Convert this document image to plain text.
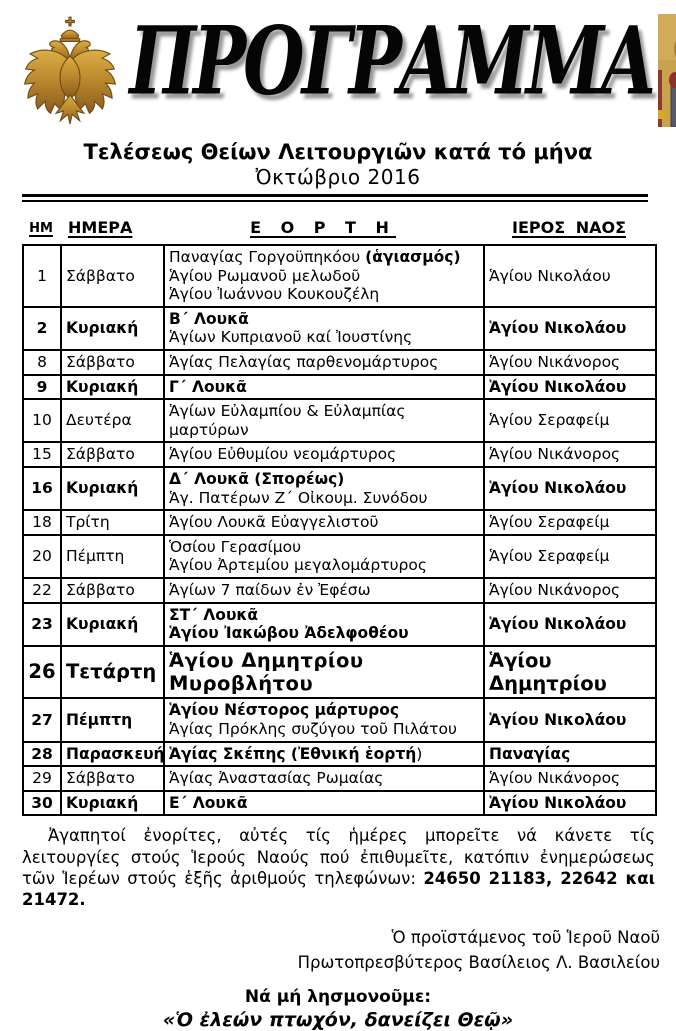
ΠΡΟΓΡΑΜΜΑ
Τελέσεως Θείων Λειτουργιῶν κατά τό μήνα
Ὀκτώβριο 2016
ΗΜ ΗΜΕΡΑ	Ε Ο Ρ Τ Η	ΙΕΡΟΣ ΝΑΟΣ
1	Σάββατο	Παναγίας Γοργοϋπηκόου (ἁγιασμός)
Ἁγίου Ρωμανοῦ μελωδοῦ
Ἁγίου Ἰωάννου Κουκουζέλη	Ἁγίου Νικολάου
2	Κυριακή	Β´ Λουκᾶ
Ἁγίων Κυπριανοῦ καί Ἰουστίνης	Ἁγίου Νικολάου
8	Σάββατο	Ἁγίας Πελαγίας παρθενομάρτυρος	Ἁγίου Νικάνορος
9	Κυριακή	Γ´ Λουκᾶ	Ἁγίου Νικολάου
10	Δευτέρα	Ἁγίων Εὐλαμπίου & Εὐλαμπίας μαρτύρων	Ἁγίου Σεραφείμ
15	Σάββατο	Ἁγίου Εὐθυμίου νεομάρτυρος	Ἁγίου Νικάνορος
16	Κυριακή	Δ´ Λουκᾶ (Σπορέως)
Ἁγ. Πατέρων Ζ´ Οἰκουμ. Συνόδου	Ἁγίου Νικολάου
18	Τρίτη	Ἁγίου Λουκᾶ Εὐαγγελιστοῦ	Ἁγίου Σεραφείμ
20	Πέμπτη	Ὁσίου Γερασίμου
Ἁγίου Ἀρτεμίου μεγαλομάρτυρος	Ἁγίου Σεραφείμ
22	Σάββατο	Ἁγίων 7 παίδων ἐν Ἐφέσω	Ἁγίου Νικάνορος
23	Κυριακή	ΣΤ´ Λουκᾶ
Ἁγίου Ἰακώβου Ἀδελφοθέου	Ἁγίου Νικολάου
26	Τετάρτη	Ἁγίου Δημητρίου Μυροβλήτου	Ἁγίου Δημητρίου
27	Πέμπτη	Ἁγίου Νέστορος μάρτυρος
Ἁγίας Πρόκλης συζύγου τοῦ Πιλάτου	Ἁγίου Νικολάου
28	Παρασκευή	Ἁγίας Σκέπης (Ἐθνική ἑορτή)	Παναγίας
29	Σάββατο	Ἁγίας Ἀναστασίας Ρωμαίας	Ἁγίου Νικάνορος
30	Κυριακή	Ε´ Λουκᾶ	Ἁγίου Νικολάου

Ἀγαπητοί ἐνορίτες, αὐτές τίς ἡμέρες μπορεῖτε νά κάνετε τίς λειτουργίες στούς Ἱερούς Ναούς πού ἐπιθυμεῖτε, κατόπιν ἐνημερώσεως τῶν Ἱερέων στούς ἑξῆς ἀριθμούς τηλεφώνων: 24650 21183, 22642 και 21472.

Ὁ προϊστάμενος τοῦ Ἱεροῦ Ναοῦ
Πρωτοπρεσβύτερος Βασίλειος Λ. Βασιλείου
Νά μή λησμονοῦμε:
«Ὁ ἐλεών πτωχόν, δανείζει Θεῷ»
